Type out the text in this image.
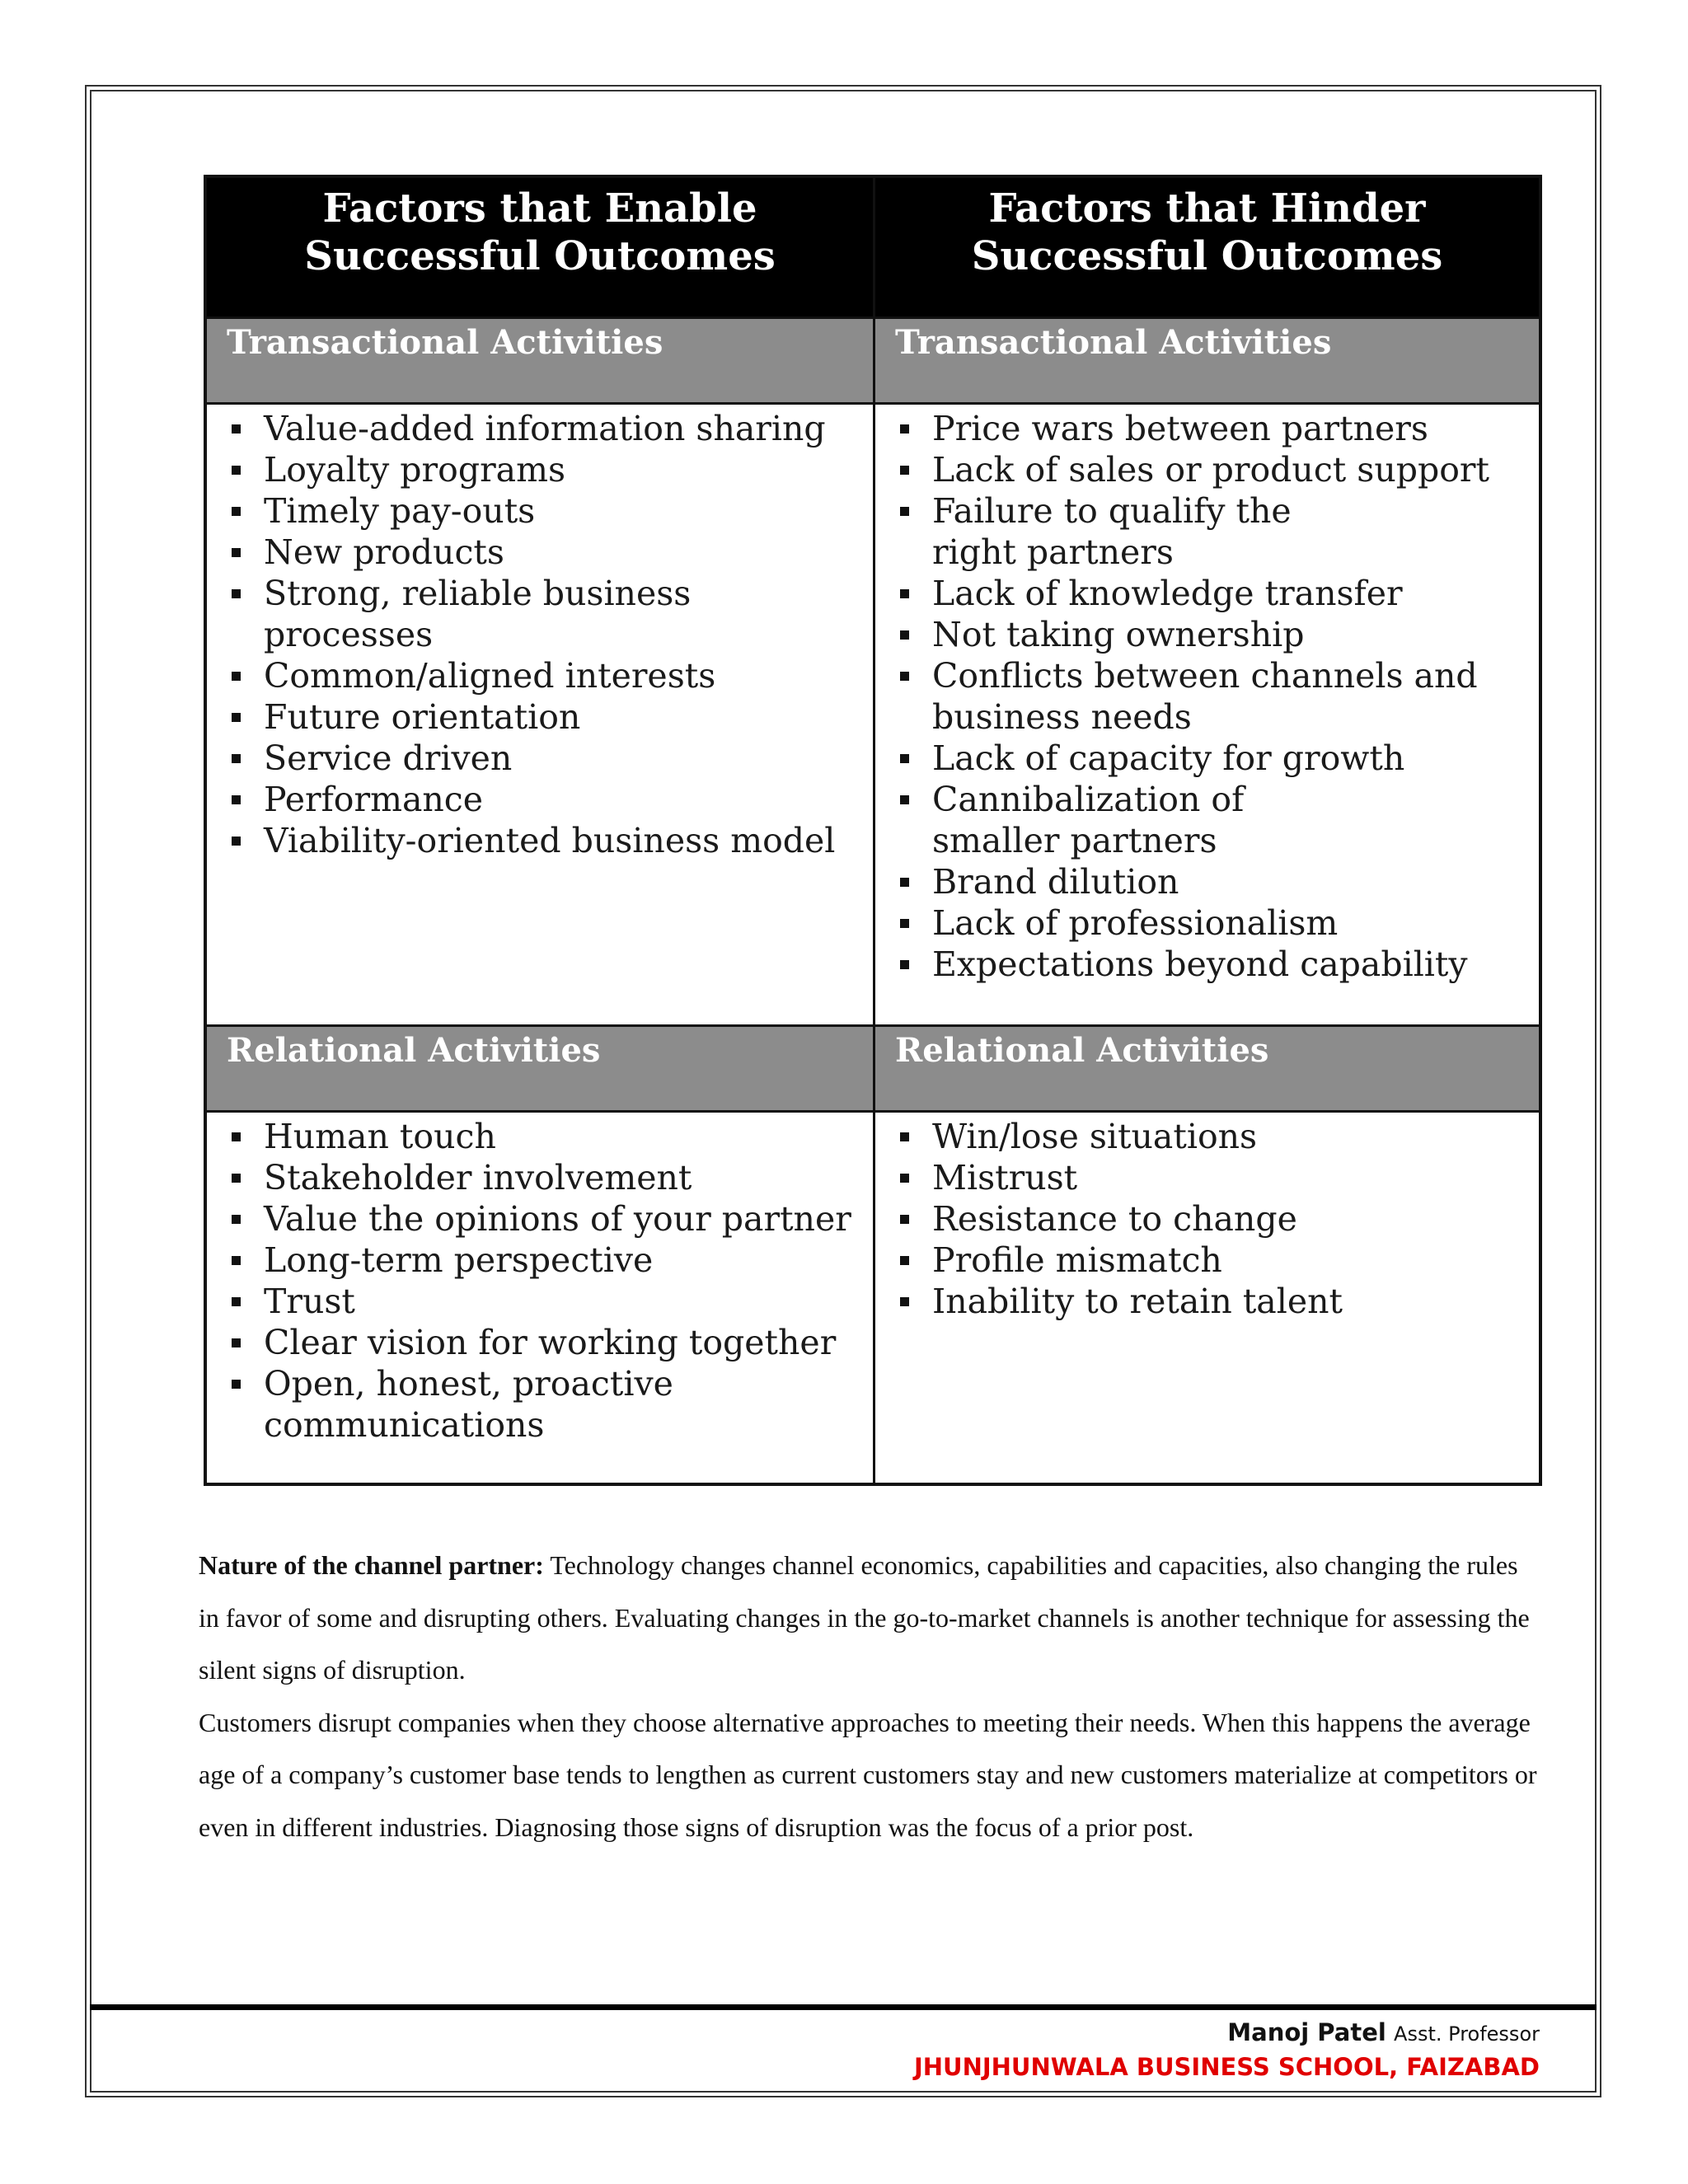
Factors that Enable
Successful Outcomes
Factors that Hinder
Successful Outcomes
Transactional Activities	Transactional Activities
Value-added information sharing
Loyalty programs
Timely pay-outs
New products
Strong, reliable business processes
Common/aligned interests
Future orientation
Service driven
Performance
Viability-oriented business model
Price wars between partners
Lack of sales or product support
Failure to qualify the right partners
Lack of knowledge transfer
Not taking ownership
Conflicts between channels and business needs
Lack of capacity for growth
Cannibalization of smaller partners
Brand dilution
Lack of professionalism
Expectations beyond capability
Relational Activities	Relational Activities
Human touch
Stakeholder involvement
Value the opinions of your partner
Long-term perspective
Trust
Clear vision for working together
Open, honest, proactive communications
Win/lose situations
Mistrust
Resistance to change
Profile mismatch
Inability to retain talent

Nature of the channel partner: Technology changes channel economics, capabilities and capacities, also changing the rules in favor of some and disrupting others. Evaluating changes in the go-to-market channels is another technique for assessing the silent signs of disruption.

Customers disrupt companies when they choose alternative approaches to meeting their needs. When this happens the average age of a company’s customer base tends to lengthen as current customers stay and new customers materialize at competitors or even in different industries. Diagnosing those signs of disruption was the focus of a prior post.

Manoj Patel Asst. Professor
JHUNJHUNWALA BUSINESS SCHOOL, FAIZABAD
